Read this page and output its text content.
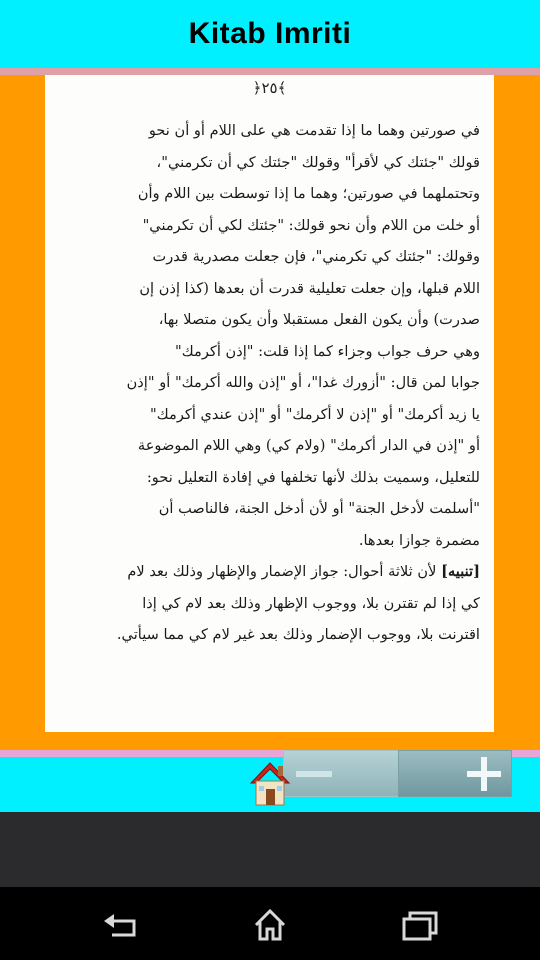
Kitab Imriti
﴿٢٥﴾

في صورتين وهما ما إذا تقدمت هي على اللام أو أن نحو

قولك "جئتك كي لأقرأ" وقولك "جئتك كي أن تكرمني"،

وتحتملهما في صورتين؛ وهما ما إذا توسطت بين اللام وأن

أو خلت من اللام وأن نحو قولك: "جئتك لكي أن تكرمني"

وقولك: "جئتك كي تكرمني"، فإن جعلت مصدرية قدرت

اللام قبلها، وإن جعلت تعليلية قدرت أن بعدها (كذا إذن إن

صدرت) وأن يكون الفعل مستقبلا وأن يكون متصلا بها،

وهي حرف جواب وجزاء كما إذا قلت: "إذن أكرمك"

جوابا لمن قال: "أزورك غدا"، أو "إذن والله أكرمك" أو "إذن

يا زيد أكرمك" أو "إذن لا أكرمك" أو "إذن عندي أكرمك"

أو "إذن في الدار أكرمك" (ولام كي) وهي اللام الموضوعة

للتعليل، وسميت بذلك لأنها تخلفها في إفادة التعليل نحو:

"أسلمت لأدخل الجنة" أو لأن أدخل الجنة، فالناصب أن

مضمرة جوازا بعدها.

[تنبيه] لأن ثلاثة أحوال: جواز الإضمار والإظهار وذلك بعد لام

كي إذا لم تقترن بلا، ووجوب الإظهار وذلك بعد لام كي إذا

اقترنت بلا، ووجوب الإضمار وذلك بعد غير لام كي مما سيأتي.
